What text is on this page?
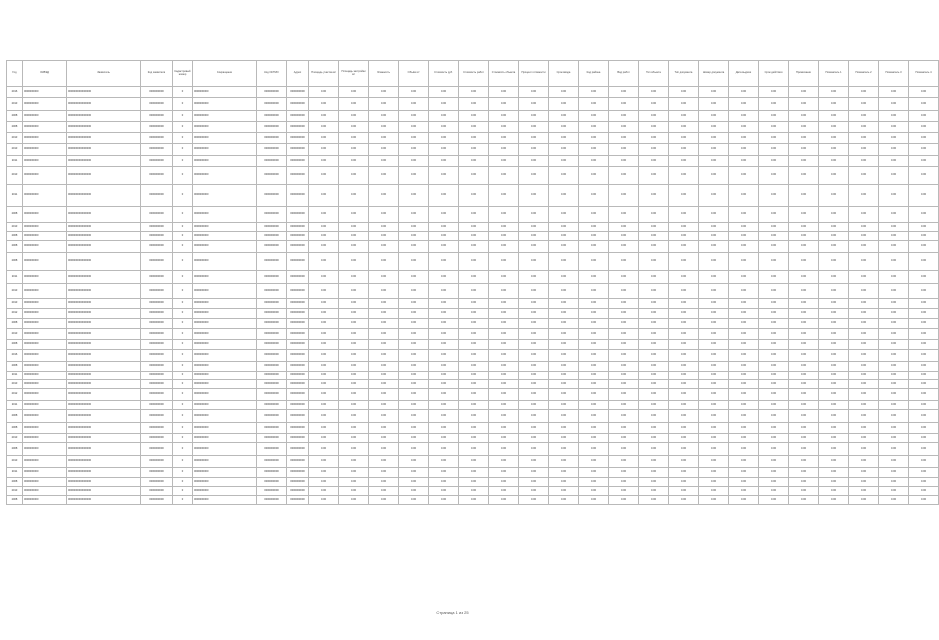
Год	ОКВЭД	Заявитель	Код заявителя	Кадастровый номер	Сокращение	Код ОКТМО	Адрес	Площадь участка м²	Площадь застройки м²	Этажность	Объём м³	Стоимость руб.	Стоимость работ	Стоимость объекта	Процент готовности	Срок ввода	Код района	Вид работ	Тип объекта	Тип документа	Номер документа	Дата выдачи	Срок действия	Примечание	Показатель 1	Показатель 2	Показатель 3	Показатель 4
2016	0000000000	0000000000000000	0000000000	0	0000000000	0000000000	0000000000	0.00	0.00	0.00	0.00	0.00	0.00	0.00	0.00	0.00	0.00	0.00	0.00	0.00	0.00	0.00	0.00	0.00	0.00	0.00	0.00	0.00
2013	0000000000	0000000000000000	0000000000	0	0000000000	0000000000	0000000000	0.00	0.00	0.00	0.00	0.00	0.00	0.00	0.00	0.00	0.00	0.00	0.00	0.00	0.00	0.00	0.00	0.00	0.00	0.00	0.00	0.00
2008	0000000000	0000000000000000	0000000000	0	0000000000	0000000000	0000000000	0.00	0.00	0.00	0.00	0.00	0.00	0.00	0.00	0.00	0.00	0.00	0.00	0.00	0.00	0.00	0.00	0.00	0.00	0.00	0.00	0.00
2008	0000000000	0000000000000000	0000000000	0	0000000000	0000000000	0000000000	0.00	0.00	0.00	0.00	0.00	0.00	0.00	0.00	0.00	0.00	0.00	0.00	0.00	0.00	0.00	0.00	0.00	0.00	0.00	0.00	0.00
2013	0000000000	0000000000000000	0000000000	0	0000000000	0000000000	0000000000	0.00	0.00	0.00	0.00	0.00	0.00	0.00	0.00	0.00	0.00	0.00	0.00	0.00	0.00	0.00	0.00	0.00	0.00	0.00	0.00	0.00
2013	0000000000	0000000000000000	0000000000	0	0000000000	0000000000	0000000000	0.00	0.00	0.00	0.00	0.00	0.00	0.00	0.00	0.00	0.00	0.00	0.00	0.00	0.00	0.00	0.00	0.00	0.00	0.00	0.00	0.00
2011	0000000000	0000000000000000	0000000000	0	0000000000	0000000000	0000000000	0.00	0.00	0.00	0.00	0.00	0.00	0.00	0.00	0.00	0.00	0.00	0.00	0.00	0.00	0.00	0.00	0.00	0.00	0.00	0.00	0.00
2013	0000000000	0000000000000000	0000000000	0	0000000000	0000000000	0000000000	0.00	0.00	0.00	0.00	0.00	0.00	0.00	0.00	0.00	0.00	0.00	0.00	0.00	0.00	0.00	0.00	0.00	0.00	0.00	0.00	0.00
2011	0000000000	0000000000000000	0000000000	0	0000000000	0000000000	0000000000	0.00	0.00	0.00	0.00	0.00	0.00	0.00	0.00	0.00	0.00	0.00	0.00	0.00	0.00	0.00	0.00	0.00	0.00	0.00	0.00	0.00
2008	0000000000	0000000000000000	0000000000	0	0000000000	0000000000	0000000000	0.00	0.00	0.00	0.00	0.00	0.00	0.00	0.00	0.00	0.00	0.00	0.00	0.00	0.00	0.00	0.00	0.00	0.00	0.00	0.00	0.00
2013	0000000000	0000000000000000	0000000000	0	0000000000	0000000000	0000000000	0.00	0.00	0.00	0.00	0.00	0.00	0.00	0.00	0.00	0.00	0.00	0.00	0.00	0.00	0.00	0.00	0.00	0.00	0.00	0.00	0.00
2008	0000000000	0000000000000000	0000000000	0	0000000000	0000000000	0000000000	0.00	0.00	0.00	0.00	0.00	0.00	0.00	0.00	0.00	0.00	0.00	0.00	0.00	0.00	0.00	0.00	0.00	0.00	0.00	0.00	0.00
2008	0000000000	0000000000000000	0000000000	0	0000000000	0000000000	0000000000	0.00	0.00	0.00	0.00	0.00	0.00	0.00	0.00	0.00	0.00	0.00	0.00	0.00	0.00	0.00	0.00	0.00	0.00	0.00	0.00	0.00
2008	0000000000	0000000000000000	0000000000	0	0000000000	0000000000	0000000000	0.00	0.00	0.00	0.00	0.00	0.00	0.00	0.00	0.00	0.00	0.00	0.00	0.00	0.00	0.00	0.00	0.00	0.00	0.00	0.00	0.00
2011	0000000000	0000000000000000	0000000000	0	0000000000	0000000000	0000000000	0.00	0.00	0.00	0.00	0.00	0.00	0.00	0.00	0.00	0.00	0.00	0.00	0.00	0.00	0.00	0.00	0.00	0.00	0.00	0.00	0.00
2013	0000000000	0000000000000000	0000000000	0	0000000000	0000000000	0000000000	0.00	0.00	0.00	0.00	0.00	0.00	0.00	0.00	0.00	0.00	0.00	0.00	0.00	0.00	0.00	0.00	0.00	0.00	0.00	0.00	0.00
2013	0000000000	0000000000000000	0000000000	0	0000000000	0000000000	0000000000	0.00	0.00	0.00	0.00	0.00	0.00	0.00	0.00	0.00	0.00	0.00	0.00	0.00	0.00	0.00	0.00	0.00	0.00	0.00	0.00	0.00
2012	0000000000	0000000000000000	0000000000	0	0000000000	0000000000	0000000000	0.00	0.00	0.00	0.00	0.00	0.00	0.00	0.00	0.00	0.00	0.00	0.00	0.00	0.00	0.00	0.00	0.00	0.00	0.00	0.00	0.00
2008	0000000000	0000000000000000	0000000000	0	0000000000	0000000000	0000000000	0.00	0.00	0.00	0.00	0.00	0.00	0.00	0.00	0.00	0.00	0.00	0.00	0.00	0.00	0.00	0.00	0.00	0.00	0.00	0.00	0.00
2013	0000000000	0000000000000000	0000000000	0	0000000000	0000000000	0000000000	0.00	0.00	0.00	0.00	0.00	0.00	0.00	0.00	0.00	0.00	0.00	0.00	0.00	0.00	0.00	0.00	0.00	0.00	0.00	0.00	0.00
2008	0000000000	0000000000000000	0000000000	0	0000000000	0000000000	0000000000	0.00	0.00	0.00	0.00	0.00	0.00	0.00	0.00	0.00	0.00	0.00	0.00	0.00	0.00	0.00	0.00	0.00	0.00	0.00	0.00	0.00
2016	0000000000	0000000000000000	0000000000	0	0000000000	0000000000	0000000000	0.00	0.00	0.00	0.00	0.00	0.00	0.00	0.00	0.00	0.00	0.00	0.00	0.00	0.00	0.00	0.00	0.00	0.00	0.00	0.00	0.00
2008	0000000000	0000000000000000	0000000000	0	0000000000	0000000000	0000000000	0.00	0.00	0.00	0.00	0.00	0.00	0.00	0.00	0.00	0.00	0.00	0.00	0.00	0.00	0.00	0.00	0.00	0.00	0.00	0.00	0.00
2011	0000000000	0000000000000000	0000000000	0	0000000000	0000000000	0000000000	0.00	0.00	0.00	0.00	0.00	0.00	0.00	0.00	0.00	0.00	0.00	0.00	0.00	0.00	0.00	0.00	0.00	0.00	0.00	0.00	0.00
2013	0000000000	0000000000000000	0000000000	0	0000000000	0000000000	0000000000	0.00	0.00	0.00	0.00	0.00	0.00	0.00	0.00	0.00	0.00	0.00	0.00	0.00	0.00	0.00	0.00	0.00	0.00	0.00	0.00	0.00
2012	0000000000	0000000000000000	0000000000	0	0000000000	0000000000	0000000000	0.00	0.00	0.00	0.00	0.00	0.00	0.00	0.00	0.00	0.00	0.00	0.00	0.00	0.00	0.00	0.00	0.00	0.00	0.00	0.00	0.00
2011	0000000000	0000000000000000	0000000000	0	0000000000	0000000000	0000000000	0.00	0.00	0.00	0.00	0.00	0.00	0.00	0.00	0.00	0.00	0.00	0.00	0.00	0.00	0.00	0.00	0.00	0.00	0.00	0.00	0.00
2008	0000000000	0000000000000000	0000000000	0	0000000000	0000000000	0000000000	0.00	0.00	0.00	0.00	0.00	0.00	0.00	0.00	0.00	0.00	0.00	0.00	0.00	0.00	0.00	0.00	0.00	0.00	0.00	0.00	0.00
2008	0000000000	0000000000000000	0000000000	0	0000000000	0000000000	0000000000	0.00	0.00	0.00	0.00	0.00	0.00	0.00	0.00	0.00	0.00	0.00	0.00	0.00	0.00	0.00	0.00	0.00	0.00	0.00	0.00	0.00
2013	0000000000	0000000000000000	0000000000	0	0000000000	0000000000	0000000000	0.00	0.00	0.00	0.00	0.00	0.00	0.00	0.00	0.00	0.00	0.00	0.00	0.00	0.00	0.00	0.00	0.00	0.00	0.00	0.00	0.00
2008	0000000000	0000000000000000	0000000000	0	0000000000	0000000000	0000000000	0.00	0.00	0.00	0.00	0.00	0.00	0.00	0.00	0.00	0.00	0.00	0.00	0.00	0.00	0.00	0.00	0.00	0.00	0.00	0.00	0.00
2013	0000000000	0000000000000000	0000000000	0	0000000000	0000000000	0000000000	0.00	0.00	0.00	0.00	0.00	0.00	0.00	0.00	0.00	0.00	0.00	0.00	0.00	0.00	0.00	0.00	0.00	0.00	0.00	0.00	0.00
2011	0000000000	0000000000000000	0000000000	0	0000000000	0000000000	0000000000	0.00	0.00	0.00	0.00	0.00	0.00	0.00	0.00	0.00	0.00	0.00	0.00	0.00	0.00	0.00	0.00	0.00	0.00	0.00	0.00	0.00
2008	0000000000	0000000000000000	0000000000	0	0000000000	0000000000	0000000000	0.00	0.00	0.00	0.00	0.00	0.00	0.00	0.00	0.00	0.00	0.00	0.00	0.00	0.00	0.00	0.00	0.00	0.00	0.00	0.00	0.00
2013	0000000000	0000000000000000	0000000000	0	0000000000	0000000000	0000000000	0.00	0.00	0.00	0.00	0.00	0.00	0.00	0.00	0.00	0.00	0.00	0.00	0.00	0.00	0.00	0.00	0.00	0.00	0.00	0.00	0.00
2008	0000000000	0000000000000000	0000000000	0	0000000000	0000000000	0000000000	0.00	0.00	0.00	0.00	0.00	0.00	0.00	0.00	0.00	0.00	0.00	0.00	0.00	0.00	0.00	0.00	0.00	0.00	0.00	0.00	0.00
Страница 1 из 25
